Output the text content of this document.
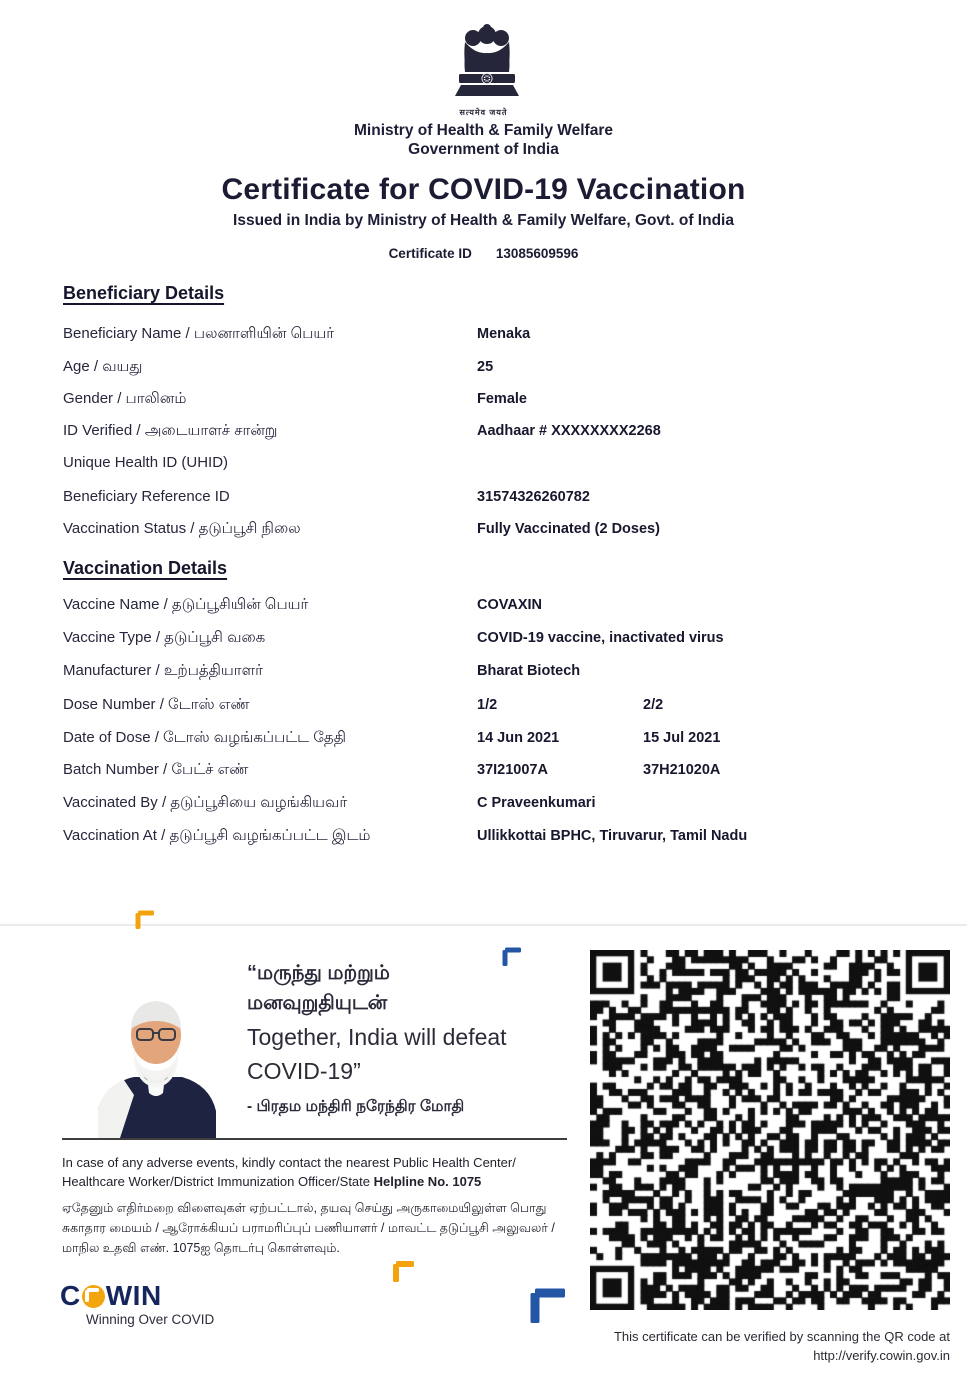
सत्यमेव जयते
Ministry of Health & Family Welfare
Government of India
Certificate for COVID-19 Vaccination
Issued in India by Ministry of Health & Family Welfare, Govt. of India
Certificate ID 13085609596
Beneficiary Details
Beneficiary Name / பலனாளியின் பெயர்	Menaka
Age / வயது	25
Gender / பாலினம்	Female
ID Verified / அடையாளச் சான்று	Aadhaar # XXXXXXXX2268
Unique Health ID (UHID)
Beneficiary Reference ID	31574326260782
Vaccination Status / தடுப்பூசி நிலை	Fully Vaccinated (2 Doses)
Vaccination Details
Vaccine Name / தடுப்பூசியின் பெயர்	COVAXIN
Vaccine Type / தடுப்பூசி வகை	COVID-19 vaccine, inactivated virus
Manufacturer / உற்பத்தியாளர்	Bharat Biotech
Dose Number / டோஸ் எண்	1/2	2/2
Date of Dose / டோஸ் வழங்கப்பட்ட தேதி	14 Jun 2021	15 Jul 2021
Batch Number / பேட்ச் எண்	37I21007A	37H21020A
Vaccinated By / தடுப்பூசியை வழங்கியவர்	C Praveenkumari
Vaccination At / தடுப்பூசி வழங்கப்பட்ட இடம்	Ullikkottai BPHC, Tiruvarur, Tamil Nadu
“மருந்து மற்றும்
மனவுறுதியுடன்
Together, India will defeat
COVID-19”
- பிரதம மந்திரி நரேந்திர மோதி
In case of any adverse events, kindly contact the nearest Public Health Center/ Healthcare Worker/District Immunization Officer/State Helpline No. 1075
ஏதேனும் எதிர்மறை விளைவுகள் ஏற்பட்டால், தயவு செய்து அருகாமையிலுள்ள பொது சுகாதார மையம் / ஆரோக்கியப் பராமரிப்புப் பணியாளர் / மாவட்ட தடுப்பூசி அலுவலர் / மாநில உதவி எண். 1075ஐ தொடர்பு கொள்ளவும்.
C WIN
Winning Over COVID
This certificate can be verified by scanning the QR code at
http://verify.cowin.gov.in
